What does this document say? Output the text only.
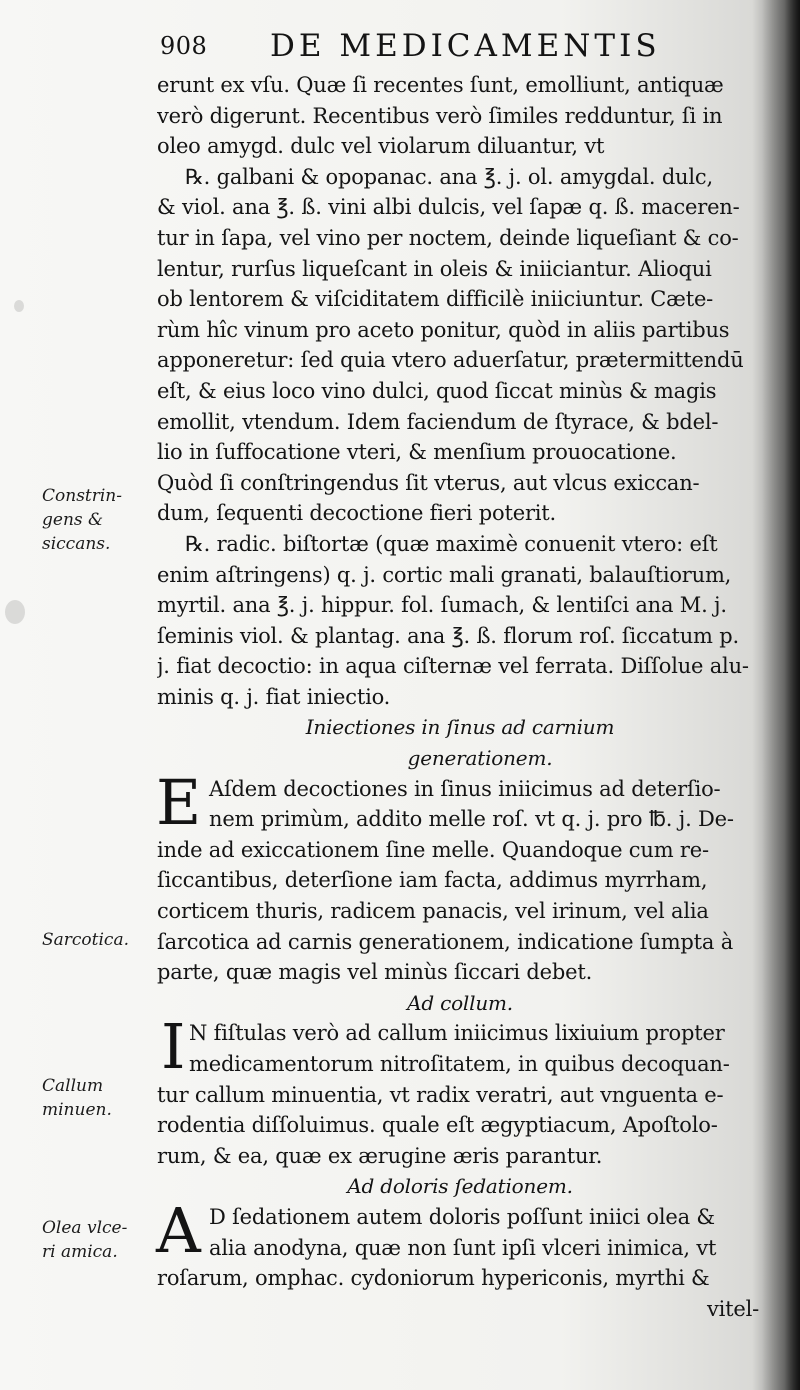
908 DE MEDICAMENTIS
Constrin-
gens &
siccans.
Sarcotica.
Callum
minuen.
Olea vlce-
ri amica.
erunt ex vſu. Quæ ſi recentes ſunt, emolliunt, antiquæ
verò digerunt. Recentibus verò ſimiles redduntur, ſi in
oleo amygd. dulc vel violarum diluantur, vt
℞. galbani & opopanac. ana ℥. j. ol. amygdal. dulc,
& viol. ana ℥. ß. vini albi dulcis, vel ſapæ q. ß. maceren-
tur in ſapa, vel vino per noctem, deinde liqueſiant & co-
lentur, rurſus liqueſcant in oleis & iniiciantur. Alioqui
ob lentorem & viſciditatem difficilè iniiciuntur. Cæte-
rùm hîc vinum pro aceto ponitur, quòd in aliis partibus
apponeretur: ſed quia vtero aduerſatur, prætermittendū
eſt, & eius loco vino dulci, quod ſiccat minùs & magis
emollit, vtendum. Idem faciendum de ſtyrace, & bdel-
lio in ſuffocatione vteri, & menſium prouocatione.
Quòd ſi conſtringendus ſit vterus, aut vlcus exiccan-
dum, ſequenti decoctione fieri poterit.
℞. radic. biſtortæ (quæ maximè conuenit vtero: eſt
enim aſtringens) q. j. cortic mali granati, balauſtiorum,
myrtil. ana ℥. j. hippur. fol. ſumach, & lentiſci ana M. j.
ſeminis viol. & plantag. ana ℥. ß. florum roſ. ſiccatum p.
j. fiat decoctio: in aqua ciſternæ vel ferrata. Diſſolue alu-
minis q. j. fiat iniectio.
Iniectiones in ſinus ad carnium
generationem.
E Aſdem decoctiones in ſinus iniicimus ad deterſio-
nem primùm, addito melle roſ. vt q. j. pro ℔. j. De-
inde ad exiccationem ſine melle. Quandoque cum re-
ſiccantibus, deterſione iam facta, addimus myrrham,
corticem thuris, radicem panacis, vel irinum, vel alia
ſarcotica ad carnis generationem, indicatione ſumpta à
parte, quæ magis vel minùs ſiccari debet.
Ad collum.
I N fiſtulas verò ad callum iniicimus lixiuium propter
medicamentorum nitroſitatem, in quibus decoquan-
tur callum minuentia, vt radix veratri, aut vnguenta e-
rodentia diſſoluimus. quale eſt ægyptiacum, Apoſtolo-
rum, & ea, quæ ex ærugine æris parantur.
Ad doloris ſedationem.
A D ſedationem autem doloris poſſunt iniici olea &
alia anodyna, quæ non ſunt ipſi vlceri inimica, vt
roſarum, omphac. cydoniorum hypericonis, myrthi &
vitel-
